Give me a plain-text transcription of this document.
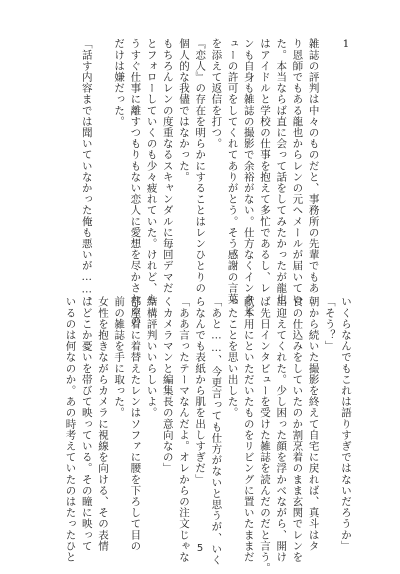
1

雑誌の評判は中々のものだと、事務所の先輩でもあ

り恩師でもある龍也からレンの元へメールが届いてい

た。本当ならば直に会って話をしてみたかったが龍也

はアイドルと学校の仕事を抱えて多忙であるし、レ

ンも自身も雑誌の撮影で余裕がない。仕方なくインタビ

ューの許可をしてくれてありがとう。そう感謝の言葉

を添えて返信を打つ。

『恋人』の存在を明らかにすることはレンひとりの

個人的な我儘ではなかった。

もちろんレンの度重なるスキャンダルに毎回デマだ

とフォローしていくのも少々疲れていた。けれど、も

うすぐ仕事に離すつもりもない恋人に愛想を尽かされるの

だけは嫌だった。

「話す内容までは聞いていなかった俺も悪いが……、

いくらなんでもこれは語りすぎではないだろうか」

「そう？」

朝から続いた撮影を終えて自宅に戻れば、真斗はタ

食の仕込みをしていたのか割烹着のまま玄関でレンを

出迎えてくれた。少し困った顔を浮かべながら、開け

ば先日インタビューを受けた雑誌を読んだのだと言う。

献本用にといただいたものをリビングに置いたままだ

ったことを思い出した。

「あと……、今更言っても仕方がないと思うが、いく

らなんでも表紙から肌を出しすぎだ」

「ああ言ったテーマなんだよ。オレからの注文じゃな

くカメラマンと編集長の意向なの」

結構評判いいらしいよ。

部屋着に着替えたレンはソファに腰を下ろして目の

前の雑誌を手に取った。

女性を抱きながらカメラに視線を向ける、その表情

はどこか憂いを帯びて映っている。その瞳に映って

いるのは何なのか。あの時考えていたのはたったひと	5
